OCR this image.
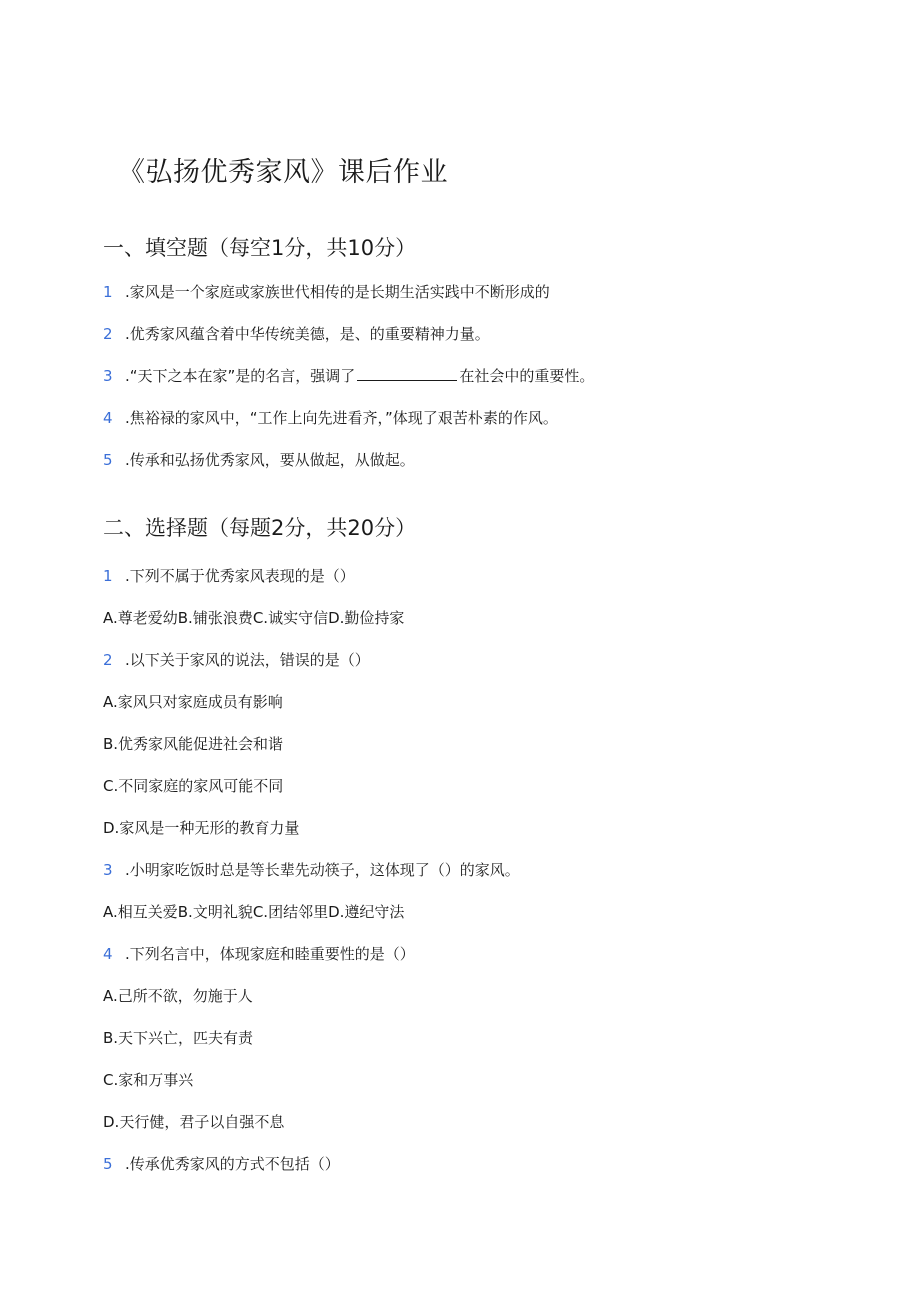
《弘扬优秀家风》课后作业
一、填空题（每空1分，共10分）
1 .家风是一个家庭或家族世代相传的是长期生活实践中不断形成的
2 .优秀家风蕴含着中华传统美德，是、的重要精神力量。
3 .“天下之本在家”是的名言，强调了	在社会中的重要性。
4 .焦裕禄的家风中，“工作上向先进看齐，”体现了艰苦朴素的作风。
5 .传承和弘扬优秀家风，要从做起，从做起。
二、选择题（每题2分，共20分）
1 .下列不属于优秀家风表现的是（）
A.尊老爱幼B.铺张浪费C.诚实守信D.勤俭持家
2 .以下关于家风的说法，错误的是（）
A.家风只对家庭成员有影响
B.优秀家风能促进社会和谐
C.不同家庭的家风可能不同
D.家风是一种无形的教育力量
3 .小明家吃饭时总是等长辈先动筷子，这体现了（）的家风。
A.相互关爱B.文明礼貌C.团结邻里D.遵纪守法
4 .下列名言中，体现家庭和睦重要性的是（）
A.己所不欲，勿施于人
B.天下兴亡，匹夫有责
C.家和万事兴
D.天行健，君子以自强不息
5 .传承优秀家风的方式不包括（）
